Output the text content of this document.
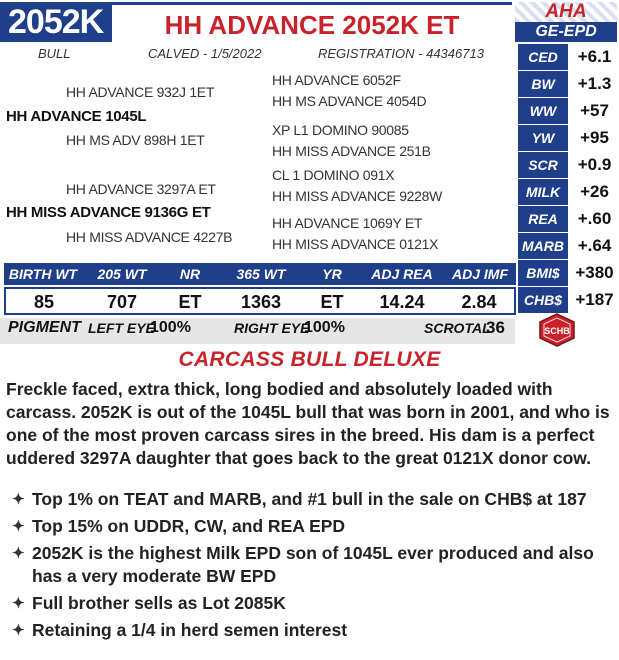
2052K	HH ADVANCE 2052K ET	AHA
GE-EPD
BULL	CALVED - 1/5/2022	REGISTRATION - 44346713
HH ADVANCE 932J 1ET
HH ADVANCE 1045L
HH MS ADV 898H 1ET
HH ADVANCE 6052F
HH MS ADVANCE 4054D
XP L1 DOMINO 90085
HH MISS ADVANCE 251B
HH ADVANCE 3297A ET
HH MISS ADVANCE 9136G ET
HH MISS ADVANCE 4227B
CL 1 DOMINO 091X
HH MISS ADVANCE 9228W
HH ADVANCE 1069Y ET
HH MISS ADVANCE 0121X
CED	+6.1
BW	+1.3
WW	+57
YW	+95
SCR	+0.9
MILK	+26
REA	+.60
MARB +.64
BMI$ +380
CHB$ +187
BIRTH WT	205 WT	NR	365 WT	YR	ADJ REA	ADJ IMF
85	707	ET	1363	ET	14.24	2.84
PIGMENT LEFT EYE
100%	RIGHT EYE
100%	SCROTAL
36	SCHB
CARCASS BULL DELUXE
Freckle faced, extra thick, long bodied and absolutely loaded with carcass. 2052K is out of the 1045L bull that was born in 2001, and who is one of the most proven carcass sires in the breed. His dam is a perfect uddered 3297A daughter that goes back to the great 0121X donor cow.
✦ Top 1% on TEAT and MARB, and #1 bull in the sale on CHB$ at 187
✦ Top 15% on UDDR, CW, and REA EPD
✦ 2052K is the highest Milk EPD son of 1045L ever produced and also has a very moderate BW EPD
✦ Full brother sells as Lot 2085K
✦ Retaining a 1/4 in herd semen interest
